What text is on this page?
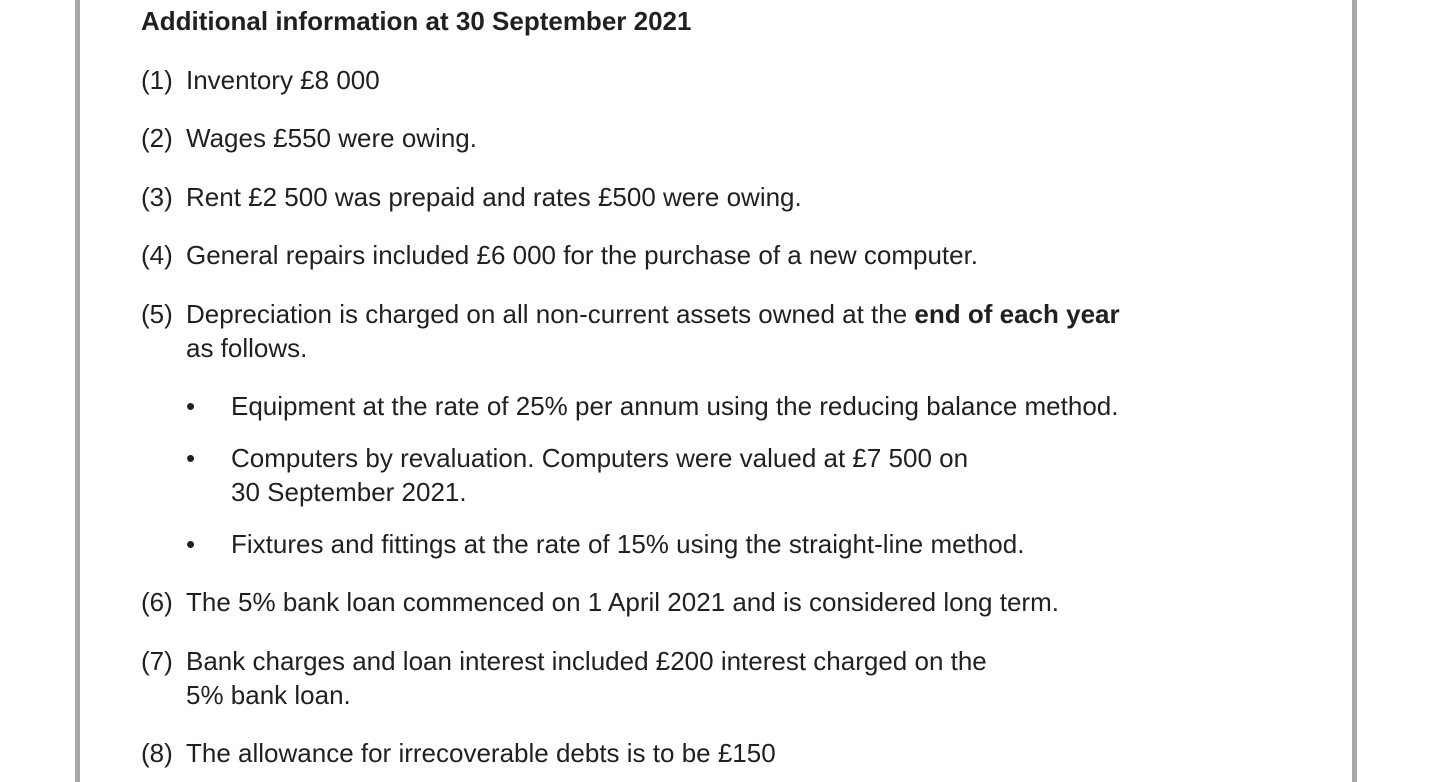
Additional information at 30 September 2021
(1) Inventory £8 000
(2) Wages £550 were owing.
(3) Rent £2 500 was prepaid and rates £500 were owing.
(4) General repairs included £6 000 for the purchase of a new computer.
(5) Depreciation is charged on all non-current assets owned at the end of each year
as follows.
• Equipment at the rate of 25% per annum using the reducing balance method.
• Computers by revaluation. Computers were valued at £7 500 on
30 September 2021.
• Fixtures and fittings at the rate of 15% using the straight-line method.
(6) The 5% bank loan commenced on 1 April 2021 and is considered long term.
(7) Bank charges and loan interest included £200 interest charged on the
5% bank loan.
(8) The allowance for irrecoverable debts is to be £150
